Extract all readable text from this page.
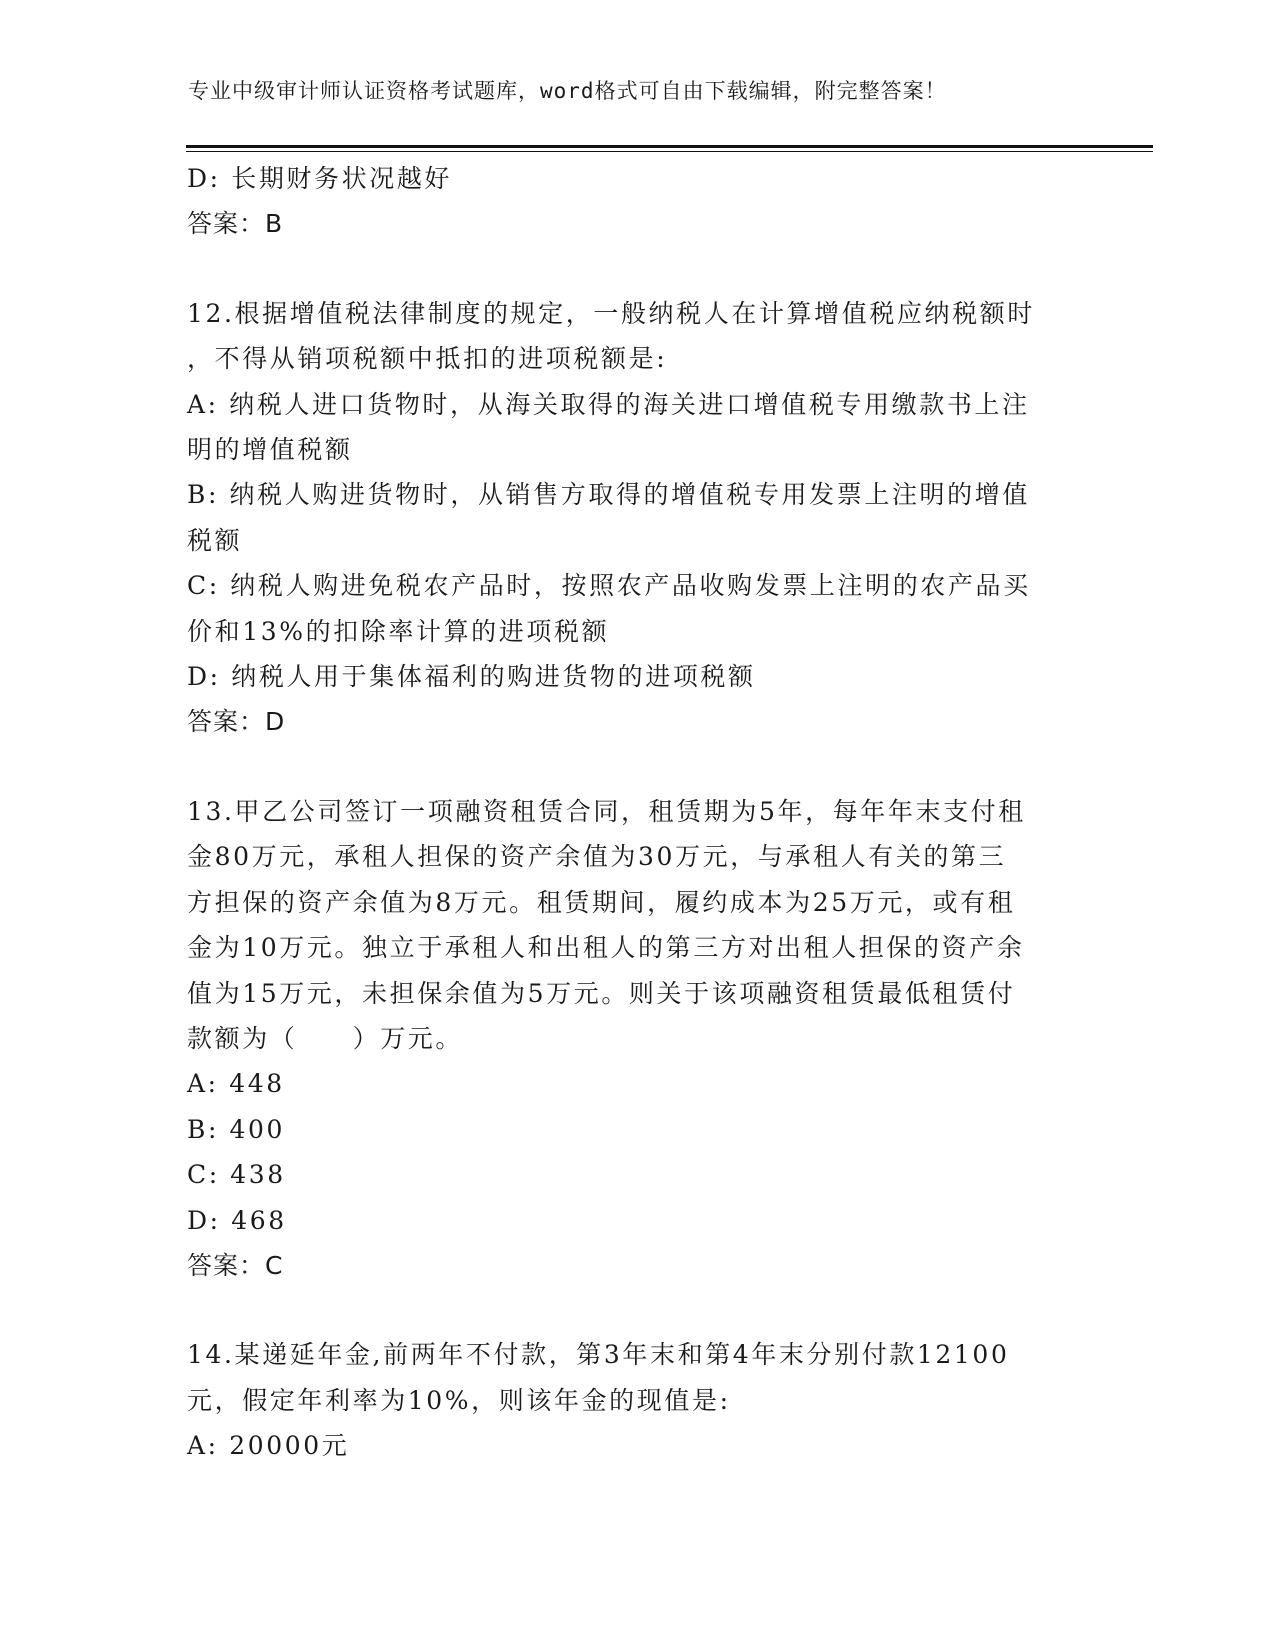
专业中级审计师认证资格考试题库，word格式可自由下载编辑，附完整答案！
D: 长期财务状况越好
答案：B
12.根据增值税法律制度的规定，一般纳税人在计算增值税应纳税额时
，不得从销项税额中抵扣的进项税额是:
A: 纳税人进口货物时，从海关取得的海关进口增值税专用缴款书上注
明的增值税额
B: 纳税人购进货物时，从销售方取得的增值税专用发票上注明的增值
税额
C: 纳税人购进免税农产品时，按照农产品收购发票上注明的农产品买
价和13%的扣除率计算的进项税额
D: 纳税人用于集体福利的购进货物的进项税额
答案：D
13.甲乙公司签订一项融资租赁合同，租赁期为5年，每年年末支付租
金80万元，承租人担保的资产余值为30万元，与承租人有关的第三
方担保的资产余值为8万元。租赁期间，履约成本为25万元，或有租
金为10万元。独立于承租人和出租人的第三方对出租人担保的资产余
值为15万元，未担保余值为5万元。则关于该项融资租赁最低租赁付
款额为（　　）万元。
A: 448
B: 400
C: 438
D: 468
答案：C
14.某递延年金,前两年不付款，第3年末和第4年末分别付款12100
元，假定年利率为10%，则该年金的现值是:
A: 20000元
